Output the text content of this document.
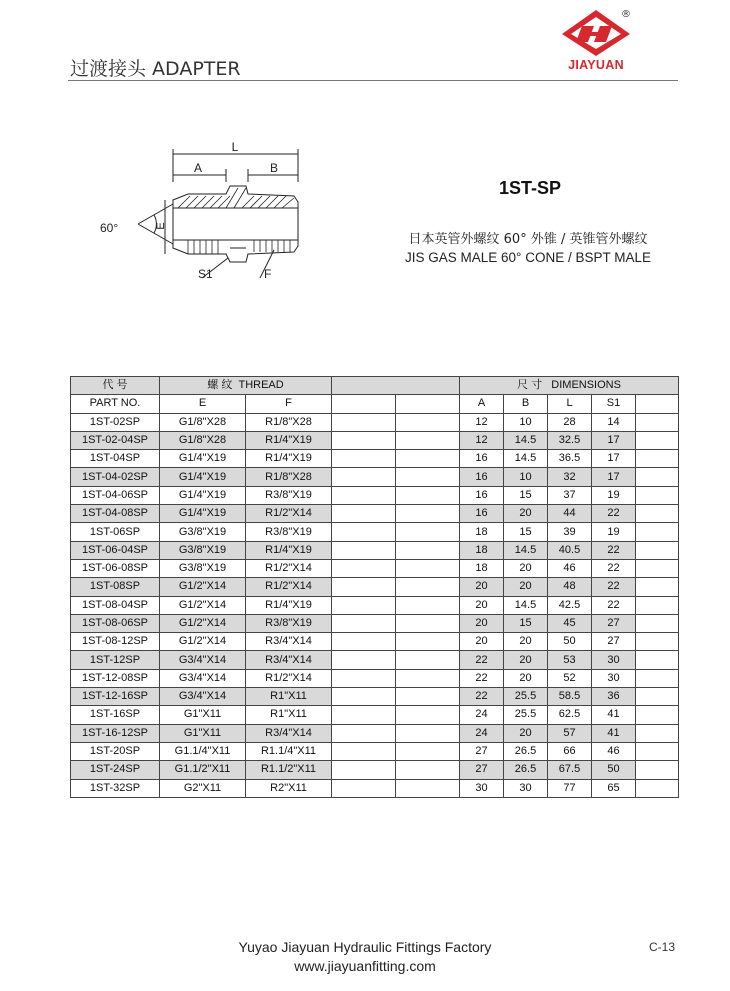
过渡接头 ADAPTER	JIAYUAN
®
L
A	B
E
S1	F
60°
1ST-SP
日本英管外螺纹 60° 外锥 / 英锥管外螺纹
JIS GAS MALE 60° CONE / BSPT MALE
代 号	螺 纹 THREAD				尺 寸 DIMENSIONS				
PART NO.	E	F			A	B	L	S1	
1ST-02SP	G1/8"X28	R1/8"X28			12	10	28	14	
1ST-02-04SP	G1/8"X28	R1/4"X19			12	14.5	32.5	17	
1ST-04SP	G1/4"X19	R1/4"X19			16	14.5	36.5	17	
1ST-04-02SP	G1/4"X19	R1/8"X28			16	10	32	17	
1ST-04-06SP	G1/4"X19	R3/8"X19			16	15	37	19	
1ST-04-08SP	G1/4"X19	R1/2"X14			16	20	44	22	
1ST-06SP	G3/8"X19	R3/8"X19			18	15	39	19	
1ST-06-04SP	G3/8"X19	R1/4"X19			18	14.5	40.5	22	
1ST-06-08SP	G3/8"X19	R1/2"X14			18	20	46	22	
1ST-08SP	G1/2"X14	R1/2"X14			20	20	48	22	
1ST-08-04SP	G1/2"X14	R1/4"X19			20	14.5	42.5	22	
1ST-08-06SP	G1/2"X14	R3/8"X19			20	15	45	27	
1ST-08-12SP	G1/2"X14	R3/4"X14			20	20	50	27	
1ST-12SP	G3/4"X14	R3/4"X14			22	20	53	30	
1ST-12-08SP	G3/4"X14	R1/2"X14			22	20	52	30	
1ST-12-16SP	G3/4"X14	R1"X11			22	25.5	58.5	36	
1ST-16SP	G1"X11	R1"X11			24	25.5	62.5	41	
1ST-16-12SP	G1"X11	R3/4"X14			24	20	57	41	
1ST-20SP	G1.1/4"X11	R1.1/4"X11			27	26.5	66	46	
1ST-24SP	G1.1/2"X11	R1.1/2"X11			27	26.5	67.5	50	
1ST-32SP	G2"X11	R2"X11			30	30	77	65	
Yuyao Jiayuan Hydraulic Fittings Factory
www.jiayuanfitting.com
C-13
